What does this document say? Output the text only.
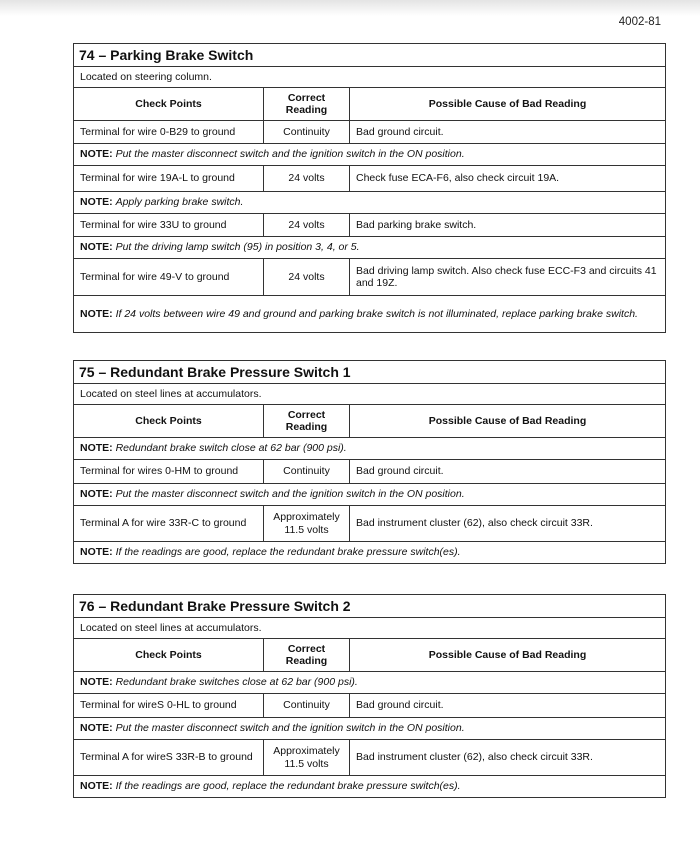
4002-81
74 – Parking Brake Switch		
Located on steering column.		
Check Points	Correct Reading	Possible Cause of Bad Reading
Terminal for wire 0-B29 to ground	Continuity	Bad ground circuit.
NOTE: Put the master disconnect switch and the ignition switch in the ON position.		
Terminal for wire 19A-L to ground	24 volts	Check fuse ECA-F6, also check circuit 19A.
NOTE: Apply parking brake switch.		
Terminal for wire 33U to ground	24 volts	Bad parking brake switch.
NOTE: Put the driving lamp switch (95) in position 3, 4, or 5.		
Terminal for wire 49-V to ground	24 volts	Bad driving lamp switch. Also check fuse ECC-F3 and circuits 41 and 19Z.
NOTE: If 24 volts between wire 49 and ground and parking brake switch is not illuminated, replace parking brake switch.		
75 – Redundant Brake Pressure Switch 1		
Located on steel lines at accumulators.		
Check Points	Correct Reading	Possible Cause of Bad Reading
NOTE: Redundant brake switch close at 62 bar (900 psi).		
Terminal for wires 0-HM to ground	Continuity	Bad ground circuit.
NOTE: Put the master disconnect switch and the ignition switch in the ON position.		
Terminal A for wire 33R-C to ground	Approximately 11.5 volts	Bad instrument cluster (62), also check circuit 33R.
NOTE: If the readings are good, replace the redundant brake pressure switch(es).		
76 – Redundant Brake Pressure Switch 2		
Located on steel lines at accumulators.		
Check Points	Correct Reading	Possible Cause of Bad Reading
NOTE: Redundant brake switches close at 62 bar (900 psi).		
Terminal for wireS 0-HL to ground	Continuity	Bad ground circuit.
NOTE: Put the master disconnect switch and the ignition switch in the ON position.		
Terminal A for wireS 33R-B to ground	Approximately 11.5 volts	Bad instrument cluster (62), also check circuit 33R.
NOTE: If the readings are good, replace the redundant brake pressure switch(es).		
